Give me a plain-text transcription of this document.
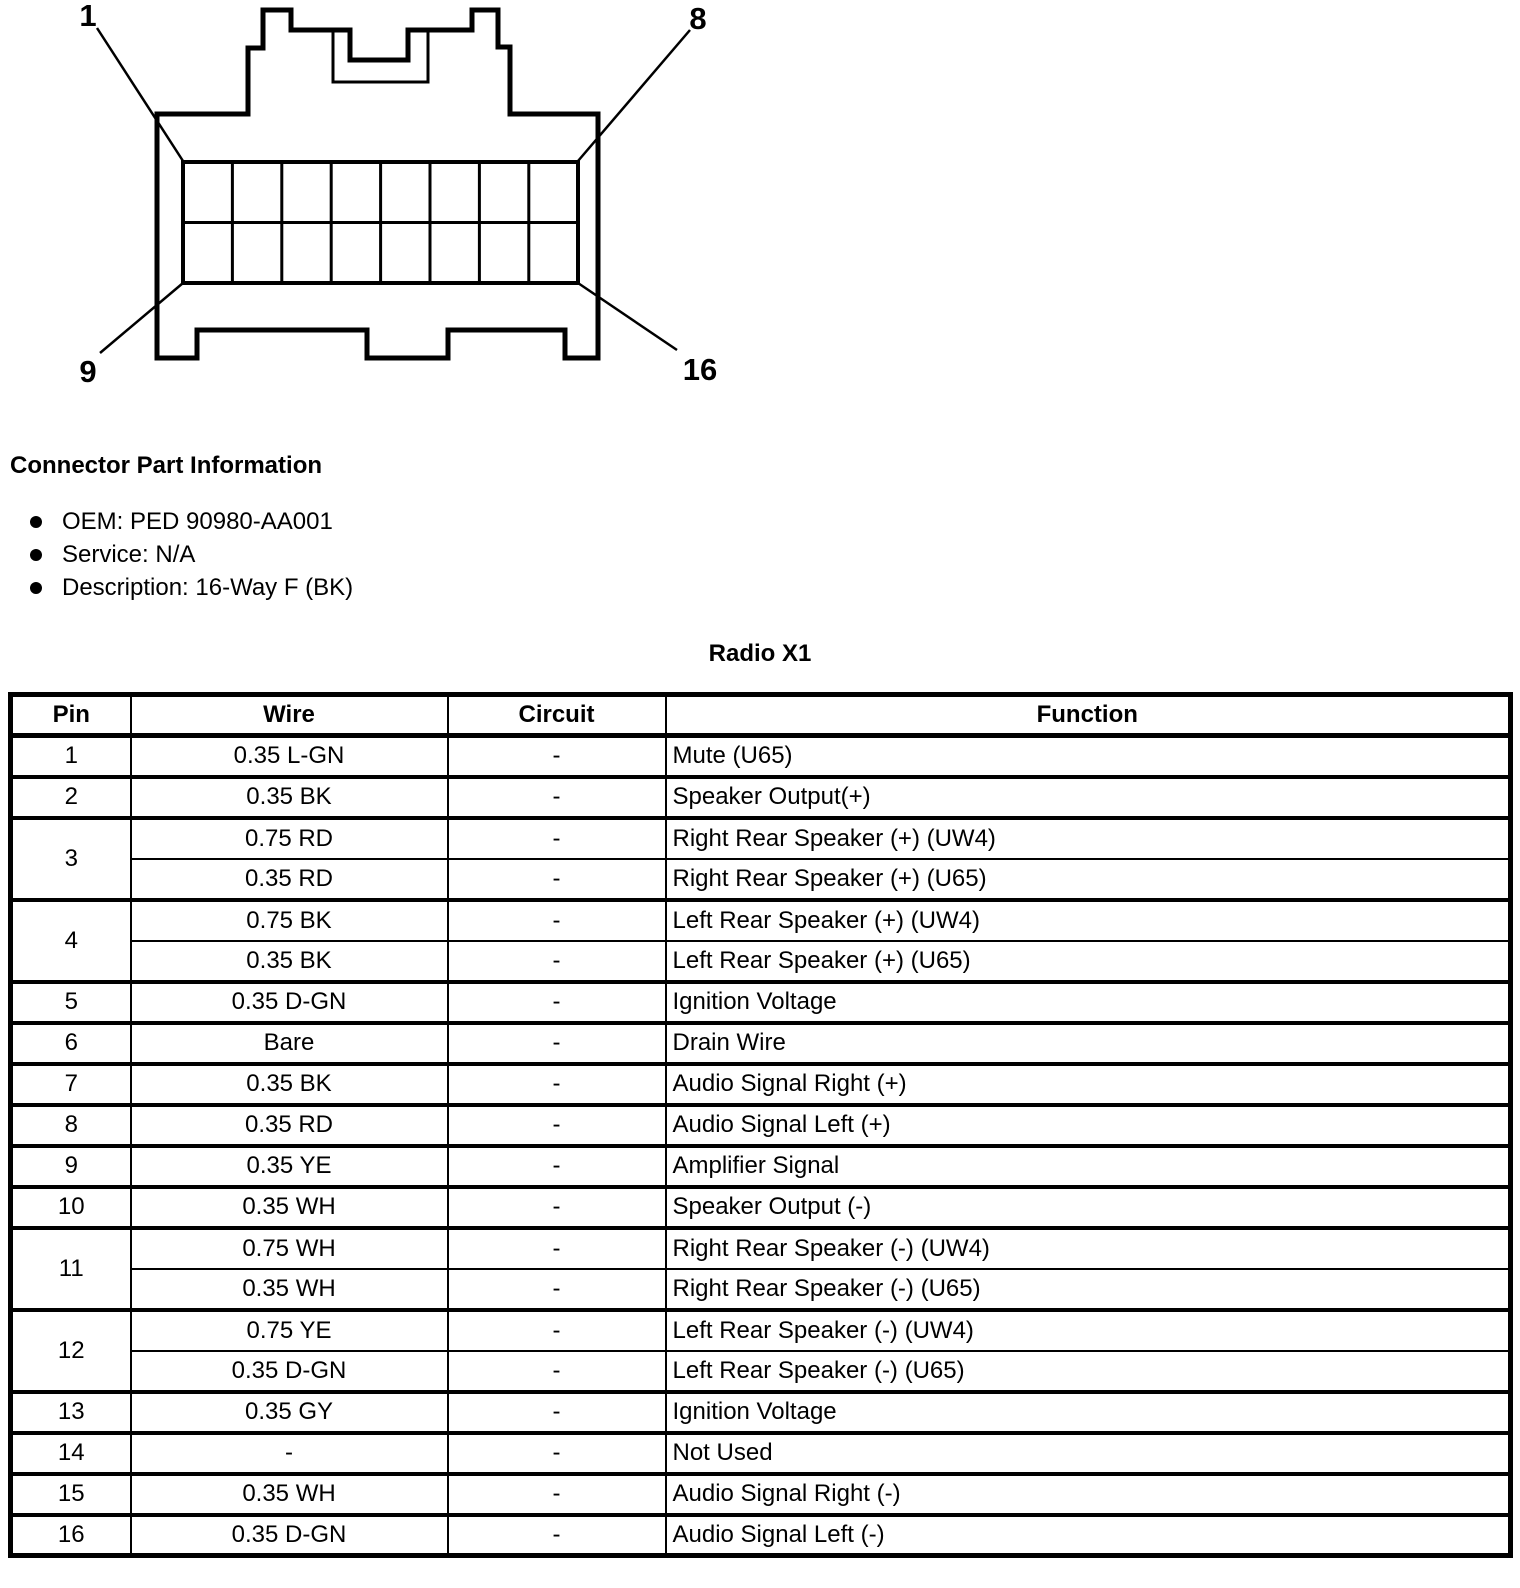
1	8
9	16
Connector Part Information
OEM: PED 90980-AA001
Service: N/A
Description: 16-Way F (BK)
Radio X1
Pin	Wire	Circuit	Function
1	0.35 L-GN	-	Mute (U65)
2	0.35 BK	-	Speaker Output(+)
3	0.75 RD	-	Right Rear Speaker (+) (UW4)
	0.35 RD	-	Right Rear Speaker (+) (U65)
4	0.75 BK	-	Left Rear Speaker (+) (UW4)
	0.35 BK	-	Left Rear Speaker (+) (U65)
5	0.35 D-GN	-	Ignition Voltage
6	Bare	-	Drain Wire
7	0.35 BK	-	Audio Signal Right (+)
8	0.35 RD	-	Audio Signal Left (+)
9	0.35 YE	-	Amplifier Signal
10	0.35 WH	-	Speaker Output (-)
11	0.75 WH	-	Right Rear Speaker (-) (UW4)
	0.35 WH	-	Right Rear Speaker (-) (U65)
12	0.75 YE	-	Left Rear Speaker (-) (UW4)
	0.35 D-GN	-	Left Rear Speaker (-) (U65)
13	0.35 GY	-	Ignition Voltage
14	-	-	Not Used
15	0.35 WH	-	Audio Signal Right (-)
16	0.35 D-GN	-	Audio Signal Left (-)
